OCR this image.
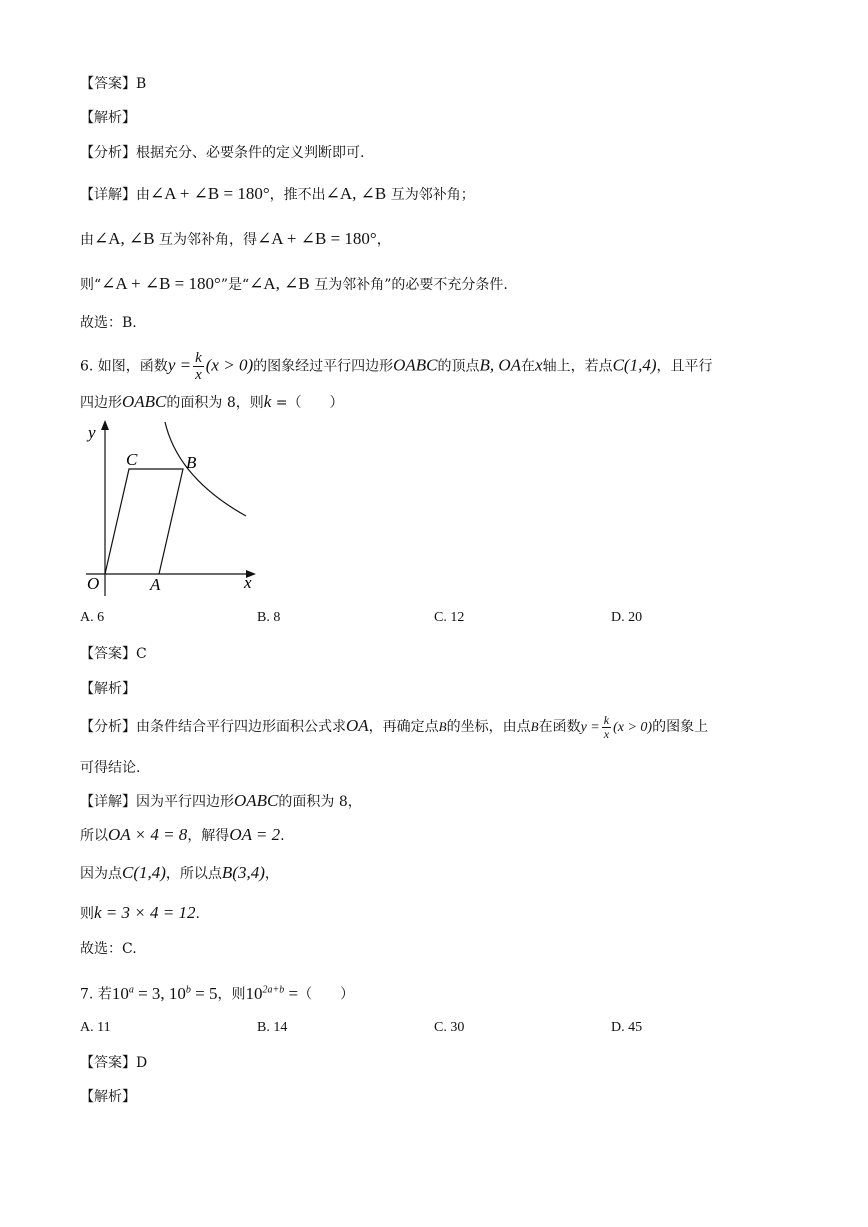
【答案】B
【解析】
【分析】根据充分、必要条件的定义判断即可.
【详解】由∠A + ∠B = 180°，推不出∠A, ∠B 互为邻补角；
由∠A, ∠B 互为邻补角，得∠A + ∠B = 180°，
则“∠A + ∠B = 180°”是“∠A, ∠B 互为邻补角”的必要不充分条件.
故选：B.
6. 如图，函数$y = \frac{k}{x} (x > 0)$的图象经过平行四边形OABC的顶点B, OA在x轴上，若点C(1,4)，且平行
四边形OABC的面积为 8，则k =（　　）
y
x
O	A
B
C
A. 6	B. 8	C. 12	D. 20
【答案】C
【解析】
【分析】由条件结合平行四边形面积公式求OA，再确定点B的坐标，由点B在函数$y = \frac{k}{x} (x > 0)$的图象上
可得结论.
【详解】因为平行四边形OABC的面积为 8，
所以OA × 4 = 8，解得OA = 2.
因为点C(1,4)，所以点B(3,4)，
则k = 3 × 4 = 12.
故选：C.
7. 若$10^a = 3$, $10^b = 5$，则$10^{2a+b}$ =（　　）
A. 11	B. 14	C. 30	D. 45
【答案】D
【解析】
